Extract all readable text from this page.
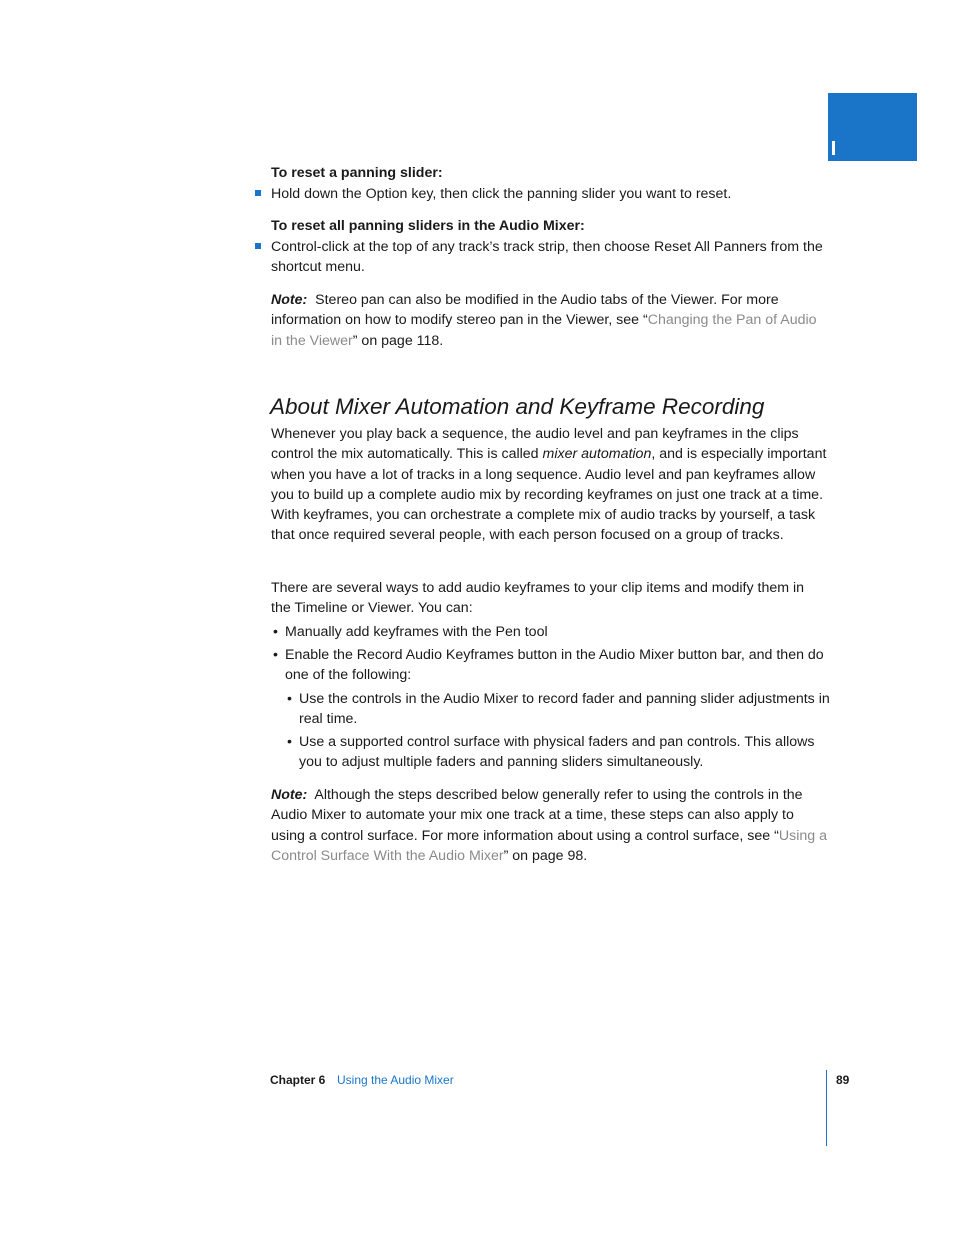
To reset a panning slider:
Hold down the Option key, then click the panning slider you want to reset.
To reset all panning sliders in the Audio Mixer:
Control-click at the top of any track’s track strip, then choose Reset All Panners from the shortcut menu.
Note: Stereo pan can also be modified in the Audio tabs of the Viewer. For more information on how to modify stereo pan in the Viewer, see “Changing the Pan of Audio in the Viewer” on page 118.
About Mixer Automation and Keyframe Recording
Whenever you play back a sequence, the audio level and pan keyframes in the clips control the mix automatically. This is called mixer automation, and is especially important when you have a lot of tracks in a long sequence. Audio level and pan keyframes allow you to build up a complete audio mix by recording keyframes on just one track at a time. With keyframes, you can orchestrate a complete mix of audio tracks by yourself, a task that once required several people, with each person focused on a group of tracks.
There are several ways to add audio keyframes to your clip items and modify them in the Timeline or Viewer. You can:
• Manually add keyframes with the Pen tool
• Enable the Record Audio Keyframes button in the Audio Mixer button bar, and then do one of the following:
• Use the controls in the Audio Mixer to record fader and panning slider adjustments in real time.
• Use a supported control surface with physical faders and pan controls. This allows you to adjust multiple faders and panning sliders simultaneously.
Note: Although the steps described below generally refer to using the controls in the Audio Mixer to automate your mix one track at a time, these steps can also apply to using a control surface. For more information about using a control surface, see “Using a Control Surface With the Audio Mixer” on page 98.
Chapter 6 Using the Audio Mixer	89
